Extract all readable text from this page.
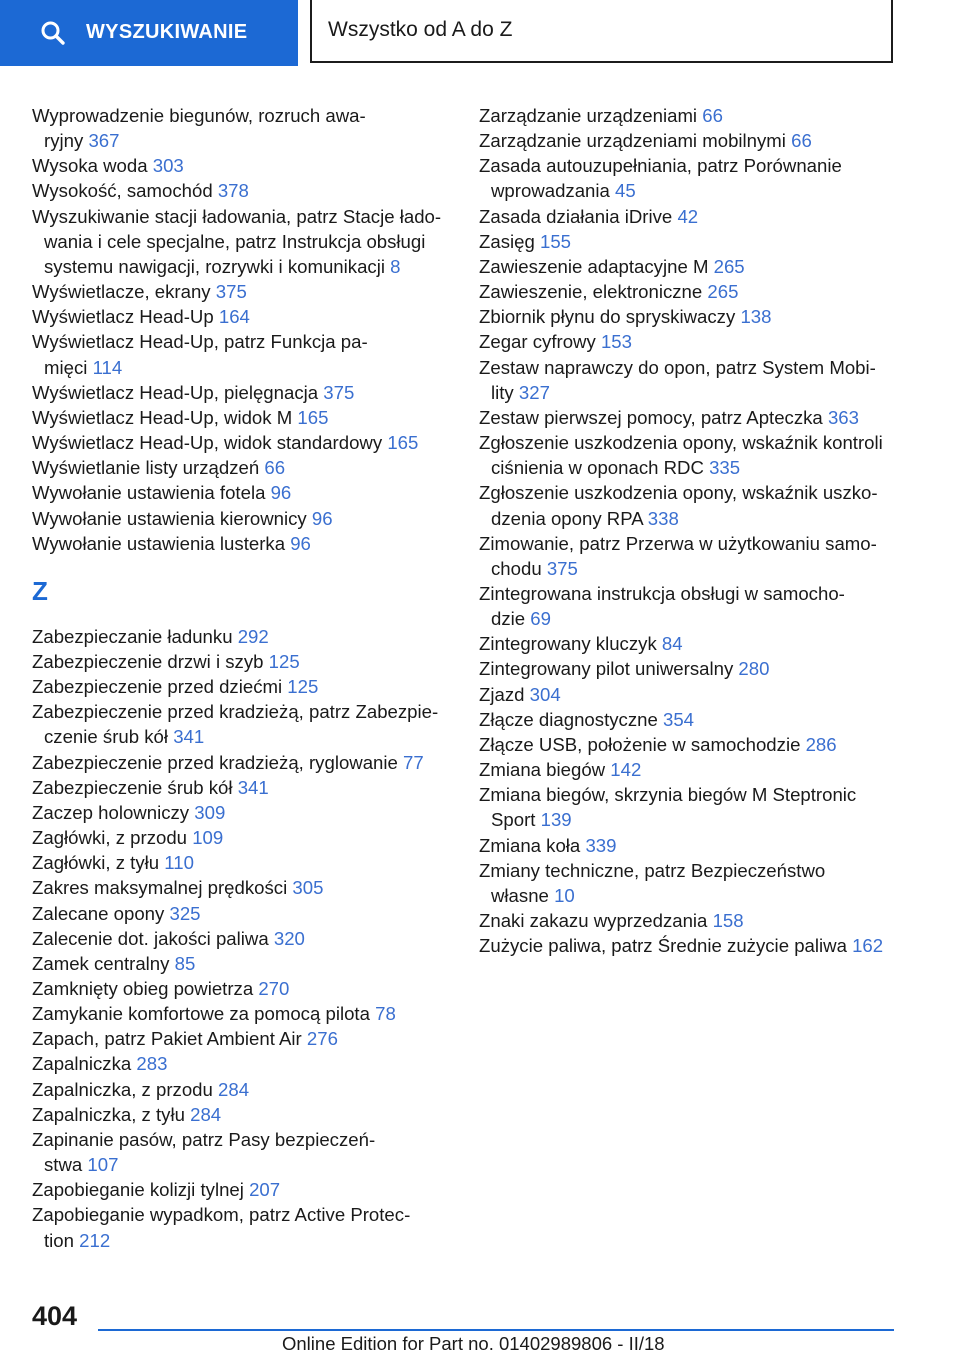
WYSZUKIWANIE	Wszystko od A do Z
Wyprowadzenie biegunów, rozruch awa-
ryjny 367
Wysoka woda 303
Wysokość, samochód 378
Wyszukiwanie stacji ładowania, patrz Stacje łado-
wania i cele specjalne, patrz Instrukcja obsługi
systemu nawigacji, rozrywki i komunikacji 8
Wyświetlacze, ekrany 375
Wyświetlacz Head-Up 164
Wyświetlacz Head-Up, patrz Funkcja pa-
mięci 114
Wyświetlacz Head-Up, pielęgnacja 375
Wyświetlacz Head-Up, widok M 165
Wyświetlacz Head-Up, widok standardowy 165
Wyświetlanie listy urządzeń 66
Wywołanie ustawienia fotela 96
Wywołanie ustawienia kierownicy 96
Wywołanie ustawienia lusterka 96
Z
Zabezpieczanie ładunku 292
Zabezpieczenie drzwi i szyb 125
Zabezpieczenie przed dziećmi 125
Zabezpieczenie przed kradzieżą, patrz Zabezpie-
czenie śrub kół 341
Zabezpieczenie przed kradzieżą, ryglowanie 77
Zabezpieczenie śrub kół 341
Zaczep holowniczy 309
Zagłówki, z przodu 109
Zagłówki, z tyłu 110
Zakres maksymalnej prędkości 305
Zalecane opony 325
Zalecenie dot. jakości paliwa 320
Zamek centralny 85
Zamknięty obieg powietrza 270
Zamykanie komfortowe za pomocą pilota 78
Zapach, patrz Pakiet Ambient Air 276
Zapalniczka 283
Zapalniczka, z przodu 284
Zapalniczka, z tyłu 284
Zapinanie pasów, patrz Pasy bezpieczeń-
stwa 107
Zapobieganie kolizji tylnej 207
Zapobieganie wypadkom, patrz Active Protec-
tion 212
Zarządzanie urządzeniami 66
Zarządzanie urządzeniami mobilnymi 66
Zasada autouzupełniania, patrz Porównanie
wprowadzania 45
Zasada działania iDrive 42
Zasięg 155
Zawieszenie adaptacyjne M 265
Zawieszenie, elektroniczne 265
Zbiornik płynu do spryskiwaczy 138
Zegar cyfrowy 153
Zestaw naprawczy do opon, patrz System Mobi-
lity 327
Zestaw pierwszej pomocy, patrz Apteczka 363
Zgłoszenie uszkodzenia opony, wskaźnik kontroli
ciśnienia w oponach RDC 335
Zgłoszenie uszkodzenia opony, wskaźnik uszko-
dzenia opony RPA 338
Zimowanie, patrz Przerwa w użytkowaniu samo-
chodu 375
Zintegrowana instrukcja obsługi w samocho-
dzie 69
Zintegrowany kluczyk 84
Zintegrowany pilot uniwersalny 280
Zjazd 304
Złącze diagnostyczne 354
Złącze USB, położenie w samochodzie 286
Zmiana biegów 142
Zmiana biegów, skrzynia biegów M Steptronic
Sport 139
Zmiana koła 339
Zmiany techniczne, patrz Bezpieczeństwo
własne 10
Znaki zakazu wyprzedzania 158
Zużycie paliwa, patrz Średnie zużycie paliwa 162
404
Online Edition for Part no. 01402989806 - II/18
